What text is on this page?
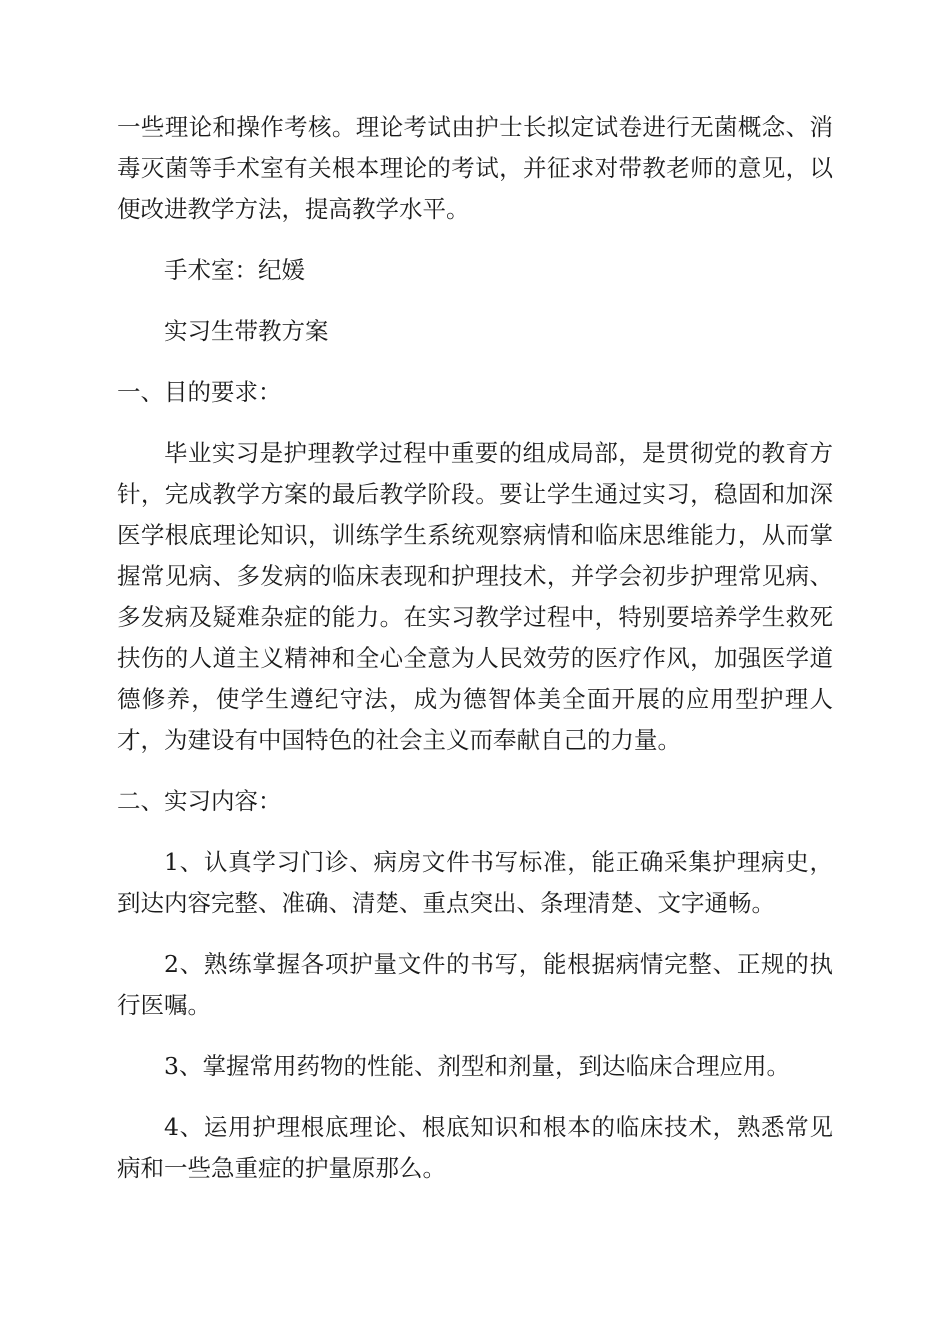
一些理论和操作考核。理论考试由护士长拟定试卷进行无菌概念、消毒灭菌等手术室有关根本理论的考试，并征求对带教老师的意见，以便改进教学方法，提高教学水平。

手术室：纪媛

实习生带教方案

一、目的要求：

毕业实习是护理教学过程中重要的组成局部，是贯彻党的教育方针，完成教学方案的最后教学阶段。要让学生通过实习，稳固和加深医学根底理论知识，训练学生系统观察病情和临床思维能力，从而掌握常见病、多发病的临床表现和护理技术，并学会初步护理常见病、多发病及疑难杂症的能力。在实习教学过程中，特别要培养学生救死扶伤的人道主义精神和全心全意为人民效劳的医疗作风，加强医学道德修养，使学生遵纪守法，成为德智体美全面开展的应用型护理人才，为建设有中国特色的社会主义而奉献自己的力量。

二、实习内容：

1、认真学习门诊、病房文件书写标准，能正确采集护理病史，到达内容完整、准确、清楚、重点突出、条理清楚、文字通畅。

2、熟练掌握各项护量文件的书写，能根据病情完整、正规的执行医嘱。

3、掌握常用药物的性能、剂型和剂量，到达临床合理应用。

4、运用护理根底理论、根底知识和根本的临床技术，熟悉常见病和一些急重症的护量原那么。
